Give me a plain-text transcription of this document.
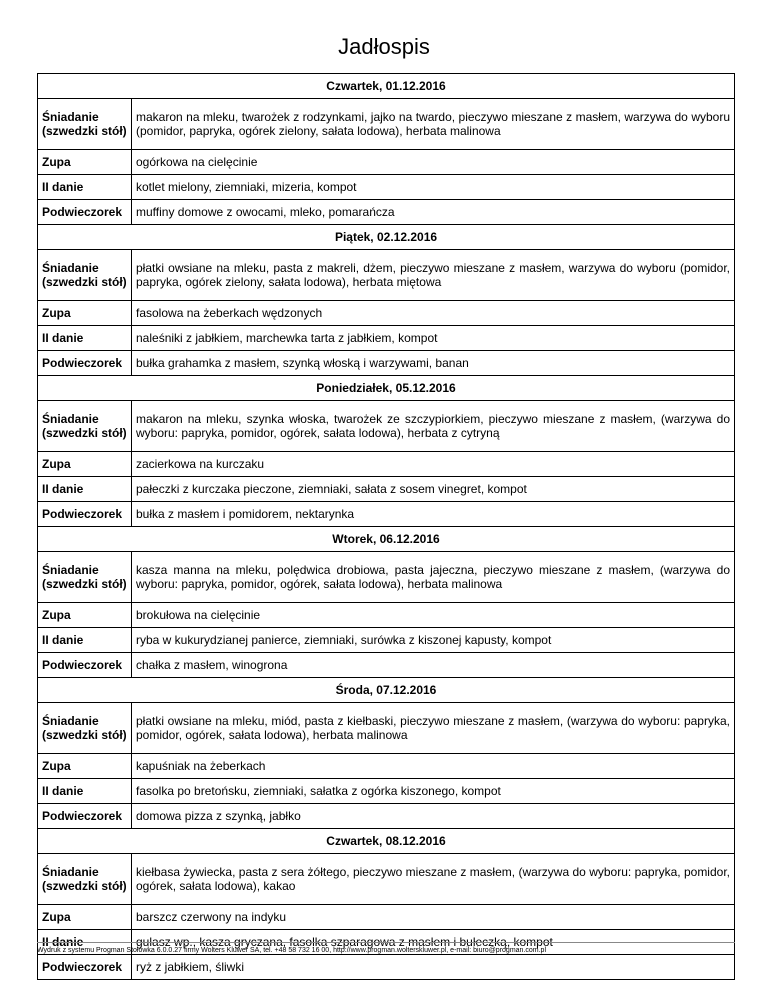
Jadłospis
Czwartek, 01.12.2016	
Śniadanie (szwedzki stół)	makaron na mleku, twarożek z rodzynkami, jajko na twardo, pieczywo mieszane z masłem, warzywa do wyboru (pomidor, papryka, ogórek zielony, sałata lodowa), herbata malinowa
Zupa	ogórkowa na cielęcinie
II danie	kotlet mielony, ziemniaki, mizeria, kompot
Podwieczorek	muffiny domowe z owocami, mleko, pomarańcza
Piątek, 02.12.2016	
Śniadanie (szwedzki stół)	płatki owsiane na mleku, pasta z makreli, dżem, pieczywo mieszane z masłem, warzywa do wyboru (pomidor, papryka, ogórek zielony, sałata lodowa), herbata miętowa
Zupa	fasolowa na żeberkach wędzonych
II danie	naleśniki z jabłkiem, marchewka tarta z jabłkiem, kompot
Podwieczorek	bułka grahamka z masłem, szynką włoską i warzywami, banan
Poniedziałek, 05.12.2016	
Śniadanie (szwedzki stół)	makaron na mleku, szynka włoska, twarożek ze szczypiorkiem, pieczywo mieszane z masłem, (warzywa do wyboru: papryka, pomidor, ogórek, sałata lodowa), herbata z cytryną
Zupa	zacierkowa na kurczaku
II danie	pałeczki z kurczaka pieczone, ziemniaki, sałata z sosem vinegret, kompot
Podwieczorek	bułka z masłem i pomidorem, nektarynka
Wtorek, 06.12.2016	
Śniadanie (szwedzki stół)	kasza manna na mleku, polędwica drobiowa, pasta jajeczna, pieczywo mieszane z masłem, (warzywa do wyboru: papryka, pomidor, ogórek, sałata lodowa), herbata malinowa
Zupa	brokułowa na cielęcinie
II danie	ryba w kukurydzianej panierce, ziemniaki, surówka z kiszonej kapusty, kompot
Podwieczorek	chałka z masłem, winogrona
Środa, 07.12.2016	
Śniadanie (szwedzki stół)	płatki owsiane na mleku, miód, pasta z kiełbaski, pieczywo mieszane z masłem, (warzywa do wyboru: papryka, pomidor, ogórek, sałata lodowa), herbata malinowa
Zupa	kapuśniak na żeberkach
II danie	fasolka po bretońsku, ziemniaki, sałatka z ogórka kiszonego, kompot
Podwieczorek	domowa pizza z szynką, jabłko
Czwartek, 08.12.2016	
Śniadanie (szwedzki stół)	kiełbasa żywiecka, pasta z sera żółtego, pieczywo mieszane z masłem, (warzywa do wyboru: papryka, pomidor, ogórek, sałata lodowa), kakao
Zupa	barszcz czerwony na indyku
II danie	gulasz wp., kasza gryczana, fasolka szparagowa z masłem i bułeczką, kompot
Podwieczorek	ryż z jabłkiem, śliwki
Wydruk z systemu Progman Stołówka 6.0.0.27 firmy Wolters Kluwer SA, tel. +48 58 732 16 00, http://www.progman.wolterskluwer.pl, e-mail: biuro@progman.com.pl
